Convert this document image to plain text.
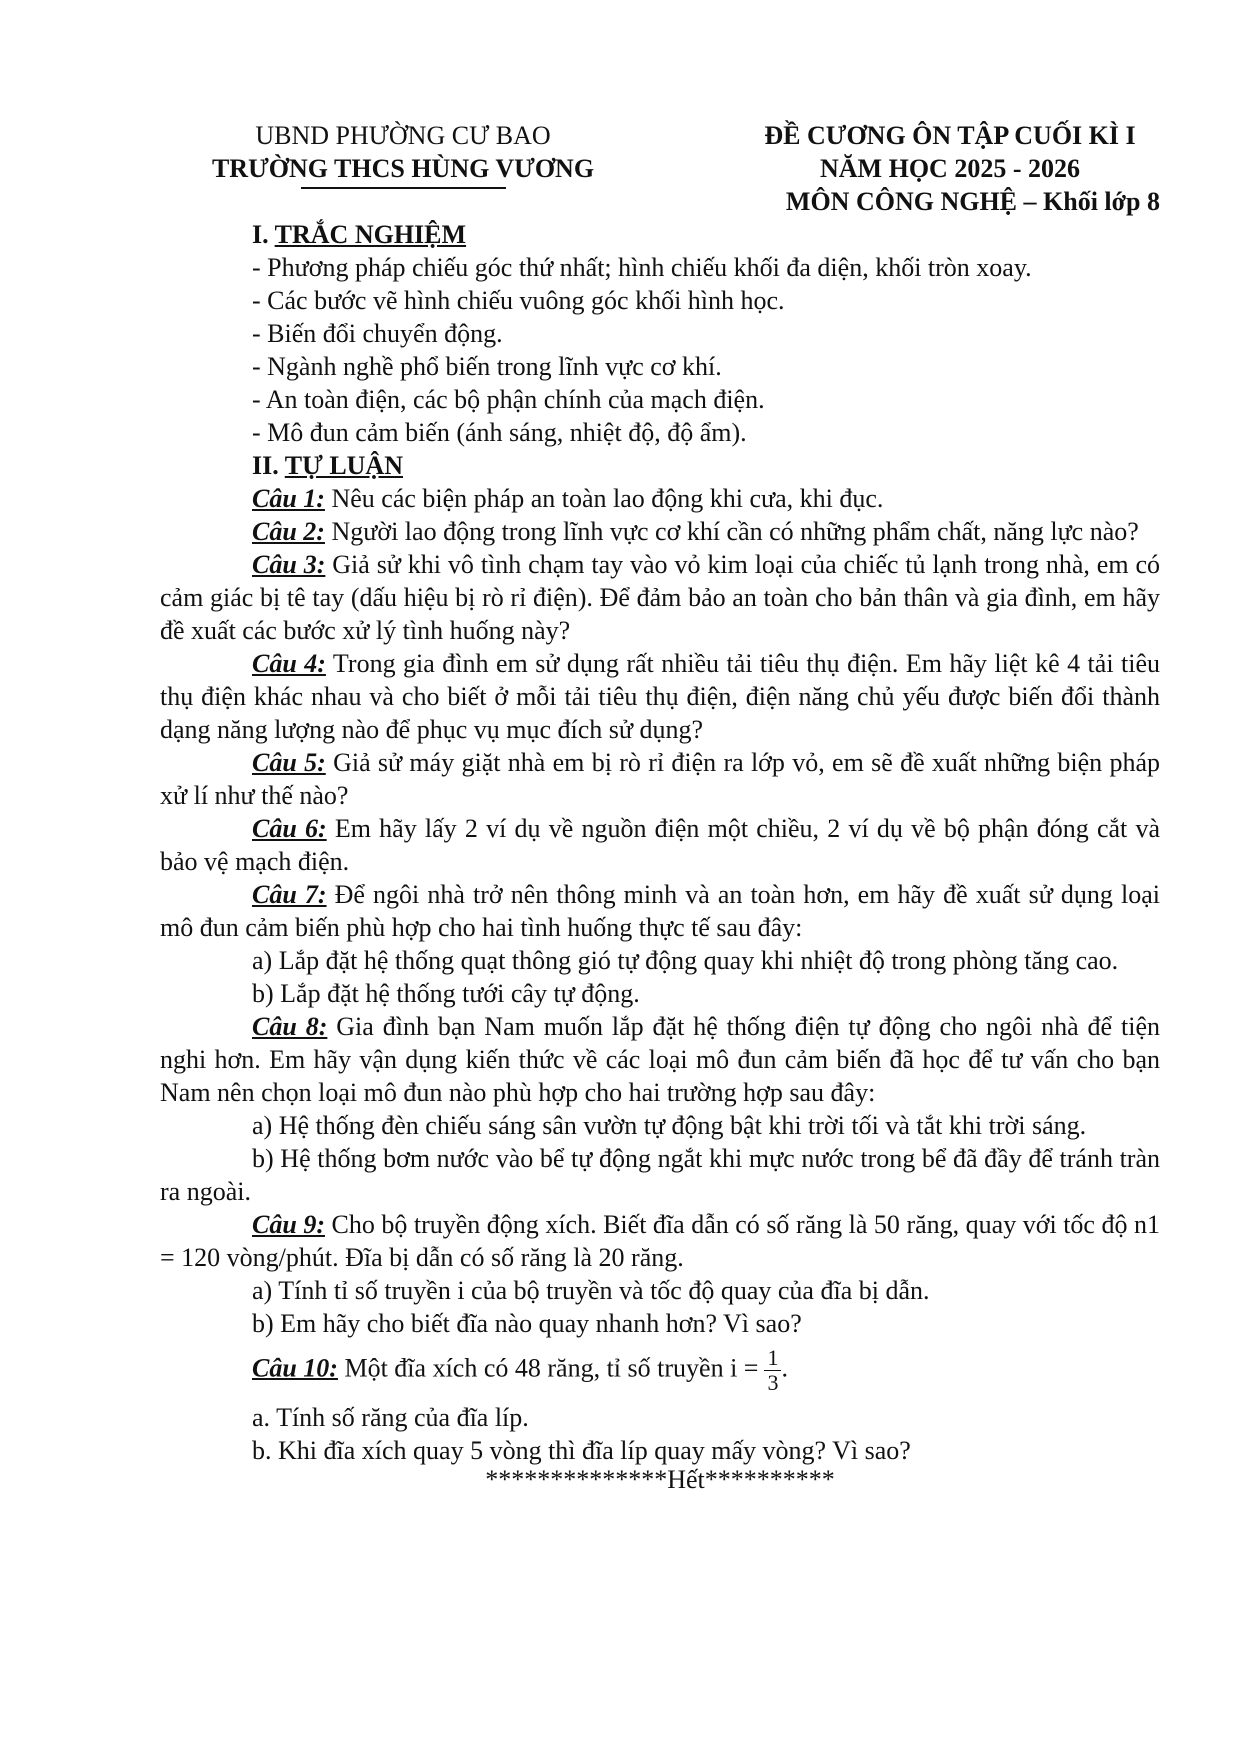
UBND PHƯỜNG CƯ BAO
TRƯỜNG THCS HÙNG VƯƠNG
ĐỀ CƯƠNG ÔN TẬP CUỐI KÌ I
NĂM HỌC 2025 - 2026
MÔN CÔNG NGHỆ – Khối lớp 8
I. TRẮC NGHIỆM
- Phương pháp chiếu góc thứ nhất; hình chiếu khối đa diện, khối tròn xoay.
- Các bước vẽ hình chiếu vuông góc khối hình học.
- Biến đổi chuyển động.
- Ngành nghề phổ biến trong lĩnh vực cơ khí.
- An toàn điện, các bộ phận chính của mạch điện.
- Mô đun cảm biến (ánh sáng, nhiệt độ, độ ẩm).
II. TỰ LUẬN
Câu 1: Nêu các biện pháp an toàn lao động khi cưa, khi đục.
Câu 2: Người lao động trong lĩnh vực cơ khí cần có những phẩm chất, năng lực nào?
Câu 3: Giả sử khi vô tình chạm tay vào vỏ kim loại của chiếc tủ lạnh trong nhà, em có cảm giác bị tê tay (dấu hiệu bị rò rỉ điện). Để đảm bảo an toàn cho bản thân và gia đình, em hãy đề xuất các bước xử lý tình huống này?
Câu 4: Trong gia đình em sử dụng rất nhiều tải tiêu thụ điện. Em hãy liệt kê 4 tải tiêu thụ điện khác nhau và cho biết ở mỗi tải tiêu thụ điện, điện năng chủ yếu được biến đổi thành dạng năng lượng nào để phục vụ mục đích sử dụng?
Câu 5: Giả sử máy giặt nhà em bị rò rỉ điện ra lớp vỏ, em sẽ đề xuất những biện pháp xử lí như thế nào?
Câu 6: Em hãy lấy 2 ví dụ về nguồn điện một chiều, 2 ví dụ về bộ phận đóng cắt và bảo vệ mạch điện.
Câu 7: Để ngôi nhà trở nên thông minh và an toàn hơn, em hãy đề xuất sử dụng loại mô đun cảm biến phù hợp cho hai tình huống thực tế sau đây:
a) Lắp đặt hệ thống quạt thông gió tự động quay khi nhiệt độ trong phòng tăng cao.
b) Lắp đặt hệ thống tưới cây tự động.
Câu 8: Gia đình bạn Nam muốn lắp đặt hệ thống điện tự động cho ngôi nhà để tiện nghi hơn. Em hãy vận dụng kiến thức về các loại mô đun cảm biến đã học để tư vấn cho bạn Nam nên chọn loại mô đun nào phù hợp cho hai trường hợp sau đây:
a) Hệ thống đèn chiếu sáng sân vườn tự động bật khi trời tối và tắt khi trời sáng.
b) Hệ thống bơm nước vào bể tự động ngắt khi mực nước trong bể đã đầy để tránh tràn ra ngoài.
Câu 9: Cho bộ truyền động xích. Biết đĩa dẫn có số răng là 50 răng, quay với tốc độ n1 = 120 vòng/phút. Đĩa bị dẫn có số răng là 20 răng.
a) Tính tỉ số truyền i của bộ truyền và tốc độ quay của đĩa bị dẫn.
b) Em hãy cho biết đĩa nào quay nhanh hơn? Vì sao?
Câu 10: Một đĩa xích có 48 răng, tỉ số truyền $i = \frac{1}{3}$ .
a. Tính số răng của đĩa líp.
b. Khi đĩa xích quay 5 vòng thì đĩa líp quay mấy vòng? Vì sao?
**************Hết**********
